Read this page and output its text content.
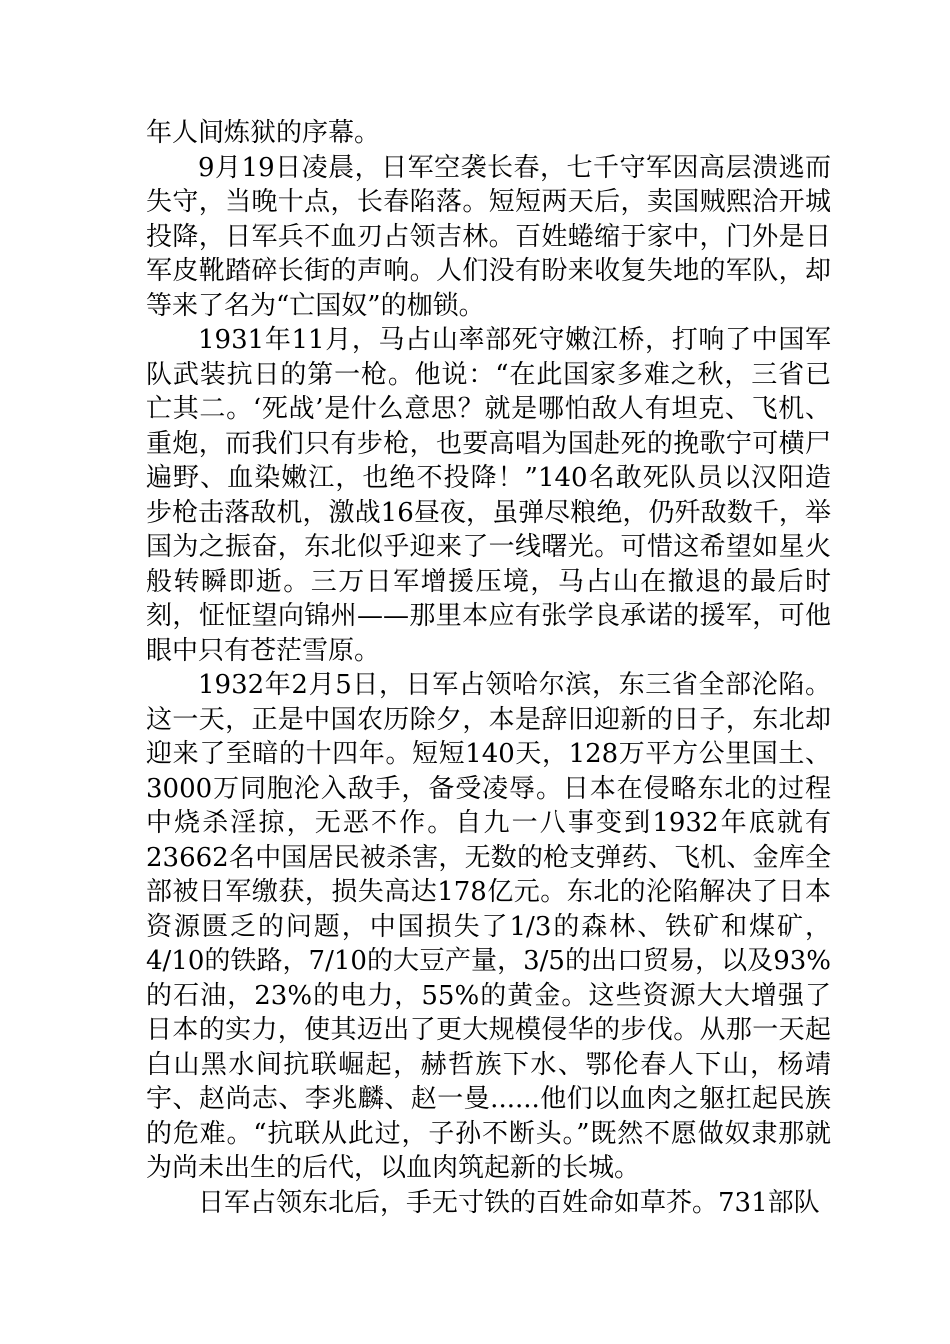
年人间炼狱的序幕。

9月19日凌晨，日军空袭长春，七千守军因高层溃逃而失守，当晚十点，长春陷落。短短两天后，卖国贼熙洽开城投降，日军兵不血刃占领吉林。百姓蜷缩于家中，门外是日军皮靴踏碎长街的声响。人们没有盼来收复失地的军队，却等来了名为“亡国奴”的枷锁。

1931年11月，马占山率部死守嫩江桥，打响了中国军队武装抗日的第一枪。他说：“在此国家多难之秋，三省已亡其二。‘死战’是什么意思？就是哪怕敌人有坦克、飞机、重炮，而我们只有步枪，也要高唱为国赴死的挽歌宁可横尸遍野、血染嫩江，也绝不投降！”140名敢死队员以汉阳造步枪击落敌机，激战16昼夜，虽弹尽粮绝，仍歼敌数千，举国为之振奋，东北似乎迎来了一线曙光。可惜这希望如星火般转瞬即逝。三万日军增援压境，马占山在撤退的最后时刻，怔怔望向锦州——那里本应有张学良承诺的援军，可他眼中只有苍茫雪原。

1932年2月5日，日军占领哈尔滨，东三省全部沦陷。这一天，正是中国农历除夕，本是辞旧迎新的日子，东北却迎来了至暗的十四年。短短140天，128万平方公里国土、3000万同胞沦入敌手，备受凌辱。日本在侵略东北的过程中烧杀淫掠，无恶不作。自九一八事变到1932年底就有23662名中国居民被杀害，无数的枪支弹药、飞机、金库全部被日军缴获，损失高达178亿元。东北的沦陷解决了日本资源匮乏的问题，中国损失了1/3的森林、铁矿和煤矿，4/10的铁路，7/10的大豆产量，3/5的出口贸易，以及93%的石油，23%的电力，55%的黄金。这些资源大大增强了日本的实力，使其迈出了更大规模侵华的步伐。从那一天起白山黑水间抗联崛起，赫哲族下水、鄂伦春人下山，杨靖宇、赵尚志、李兆麟、赵一曼......他们以血肉之躯扛起民族的危难。“抗联从此过，子孙不断头。”既然不愿做奴隶那就为尚未出生的后代，以血肉筑起新的长城。

日军占领东北后，手无寸铁的百姓命如草芥。731部队
